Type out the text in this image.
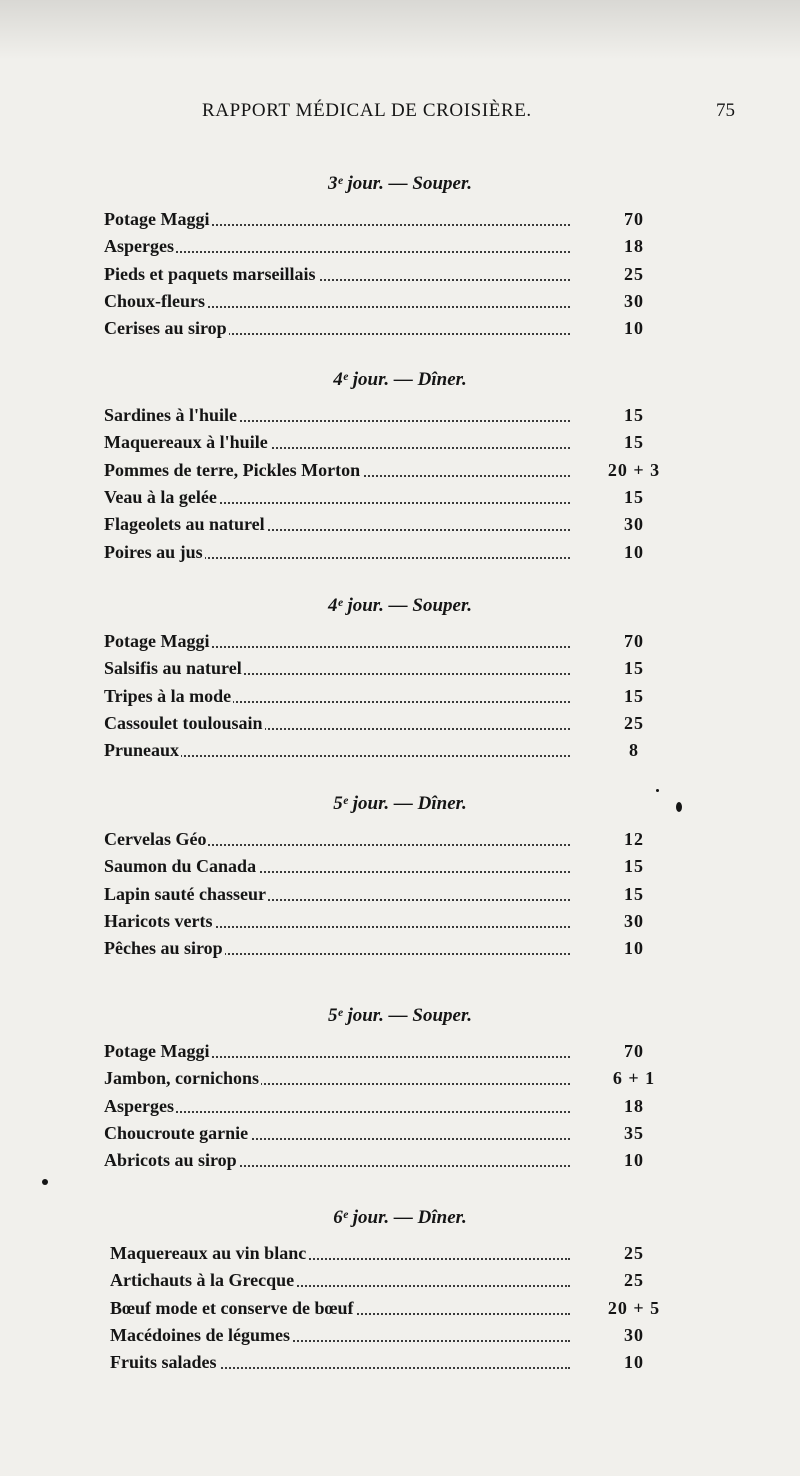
RAPPORT MÉDICAL DE CROISIÈRE.	75
3ᵉ jour. — Souper.
Potage Maggi	70
Asperges	18
Pieds et paquets marseillais	25
Choux-fleurs	30
Cerises au sirop	10
4ᵉ jour. — Dîner.
Sardines à l'huile	15
Maquereaux à l'huile	15
Pommes de terre, Pickles Morton	20 + 3
Veau à la gelée	15
Flageolets au naturel	30
Poires au jus	10
4ᵉ jour. — Souper.
Potage Maggi	70
Salsifis au naturel	15
Tripes à la mode	15
Cassoulet toulousain	25
Pruneaux	8
5ᵉ jour. — Dîner.
Cervelas Géo	12
Saumon du Canada	15
Lapin sauté chasseur	15
Haricots verts	30
Pêches au sirop	10
5ᵉ jour. — Souper.
Potage Maggi	70
Jambon, cornichons	6 + 1
Asperges	18
Choucroute garnie	35
Abricots au sirop	10
6ᵉ jour. — Dîner.
Maquereaux au vin blanc	25
Artichauts à la Grecque	25
Bœuf mode et conserve de bœuf	20 + 5
Macédoines de légumes	30
Fruits salades	10
